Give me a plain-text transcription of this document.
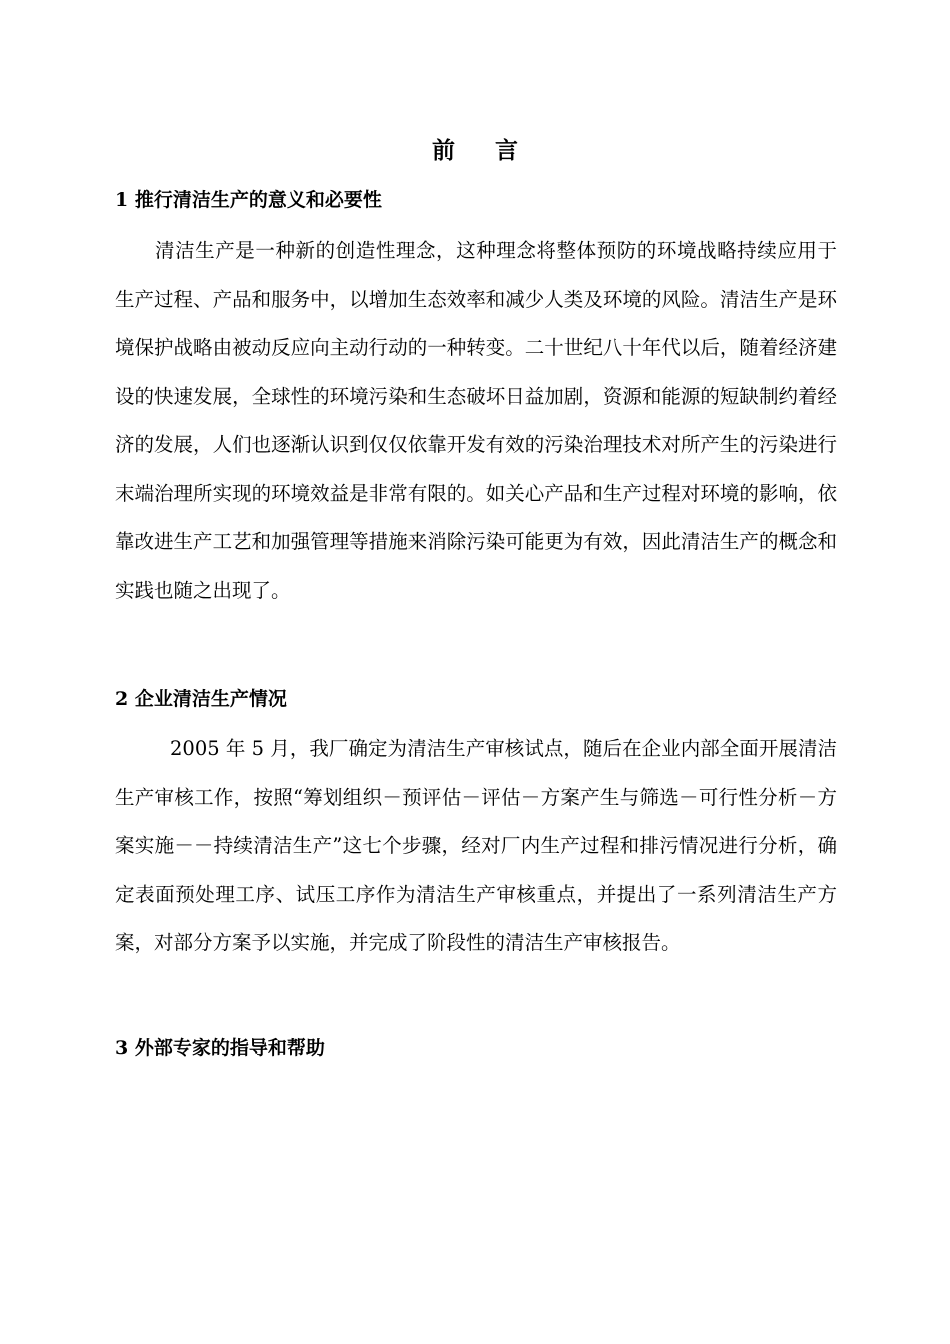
前 言
1 推行清洁生产的意义和必要性
清洁生产是一种新的创造性理念，这种理念将整体预防的环境战略持续应用于生产过程、产品和服务中，以增加生态效率和减少人类及环境的风险。清洁生产是环境保护战略由被动反应向主动行动的一种转变。二十世纪八十年代以后，随着经济建设的快速发展，全球性的环境污染和生态破坏日益加剧，资源和能源的短缺制约着经济的发展，人们也逐渐认识到仅仅依靠开发有效的污染治理技术对所产生的污染进行末端治理所实现的环境效益是非常有限的。如关心产品和生产过程对环境的影响，依靠改进生产工艺和加强管理等措施来消除污染可能更为有效，因此清洁生产的概念和实践也随之出现了。
2 企业清洁生产情况
2005 年 5 月，我厂确定为清洁生产审核试点，随后在企业内部全面开展清洁生产审核工作，按照“筹划组织－预评估－评估－方案产生与筛选－可行性分析－方案实施－－持续清洁生产”这七个步骤，经对厂内生产过程和排污情况进行分析，确定表面预处理工序、试压工序作为清洁生产审核重点，并提出了一系列清洁生产方案，对部分方案予以实施，并完成了阶段性的清洁生产审核报告。
3 外部专家的指导和帮助
